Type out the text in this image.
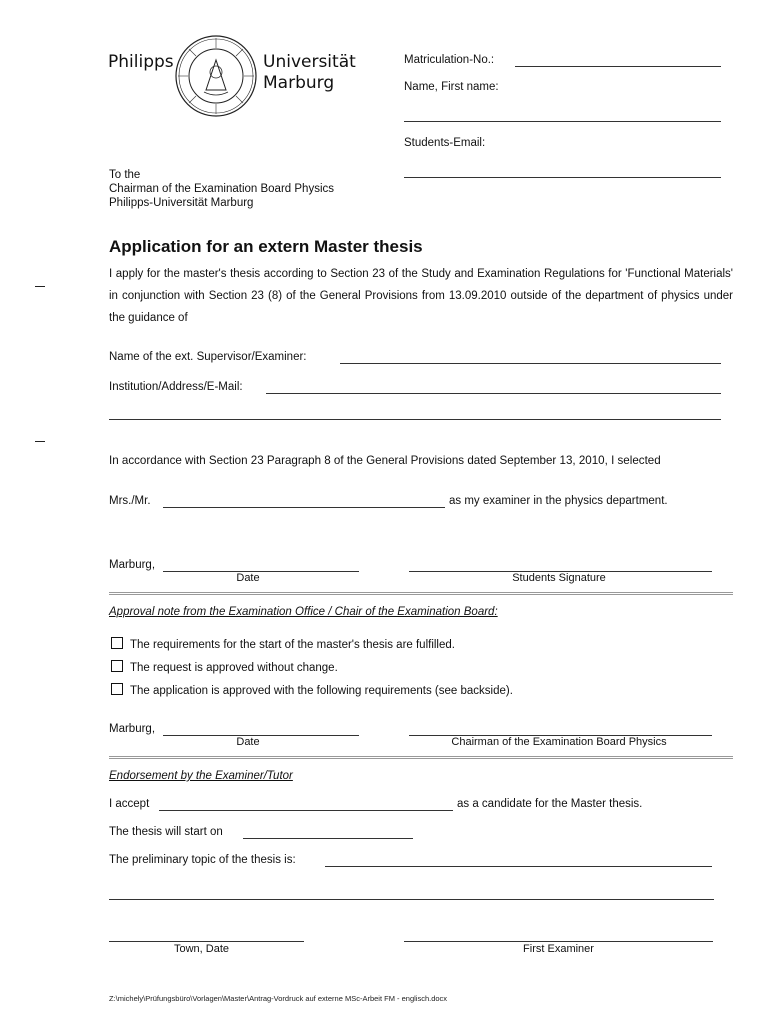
Philipps	Universität
Marburg
Matriculation-No.:
Name, First name:
Students-Email:
To the
Chairman of the Examination Board Physics
Philipps-Universität Marburg
Application for an extern Master thesis
I apply for the master's thesis according to Section 23 of the Study and Examination Regulations for 'Functional Materials' in conjunction with Section 23 (8) of the General Provisions from 13.09.2010 outside of the department of physics under the guidance of
Name of the ext. Supervisor/Examiner:
Institution/Address/E-Mail:
In accordance with Section 23 Paragraph 8 of the General Provisions dated September 13, 2010, I selected
Mrs./Mr.	as my examiner in the physics department.
Marburg,
Date	Students Signature
Approval note from the Examination Office / Chair of the Examination Board:
The requirements for the start of the master's thesis are fulfilled.
The request is approved without change.
The application is approved with the following requirements (see backside).
Marburg,
Date	Chairman of the Examination Board Physics
Endorsement by the Examiner/Tutor
I accept	as a candidate for the Master thesis.
The thesis will start on
The preliminary topic of the thesis is:
Town, Date	First Examiner
Z:\michely\Prüfungsbüro\Vorlagen\Master\Antrag-Vordruck auf externe MSc-Arbeit FM - englisch.docx
